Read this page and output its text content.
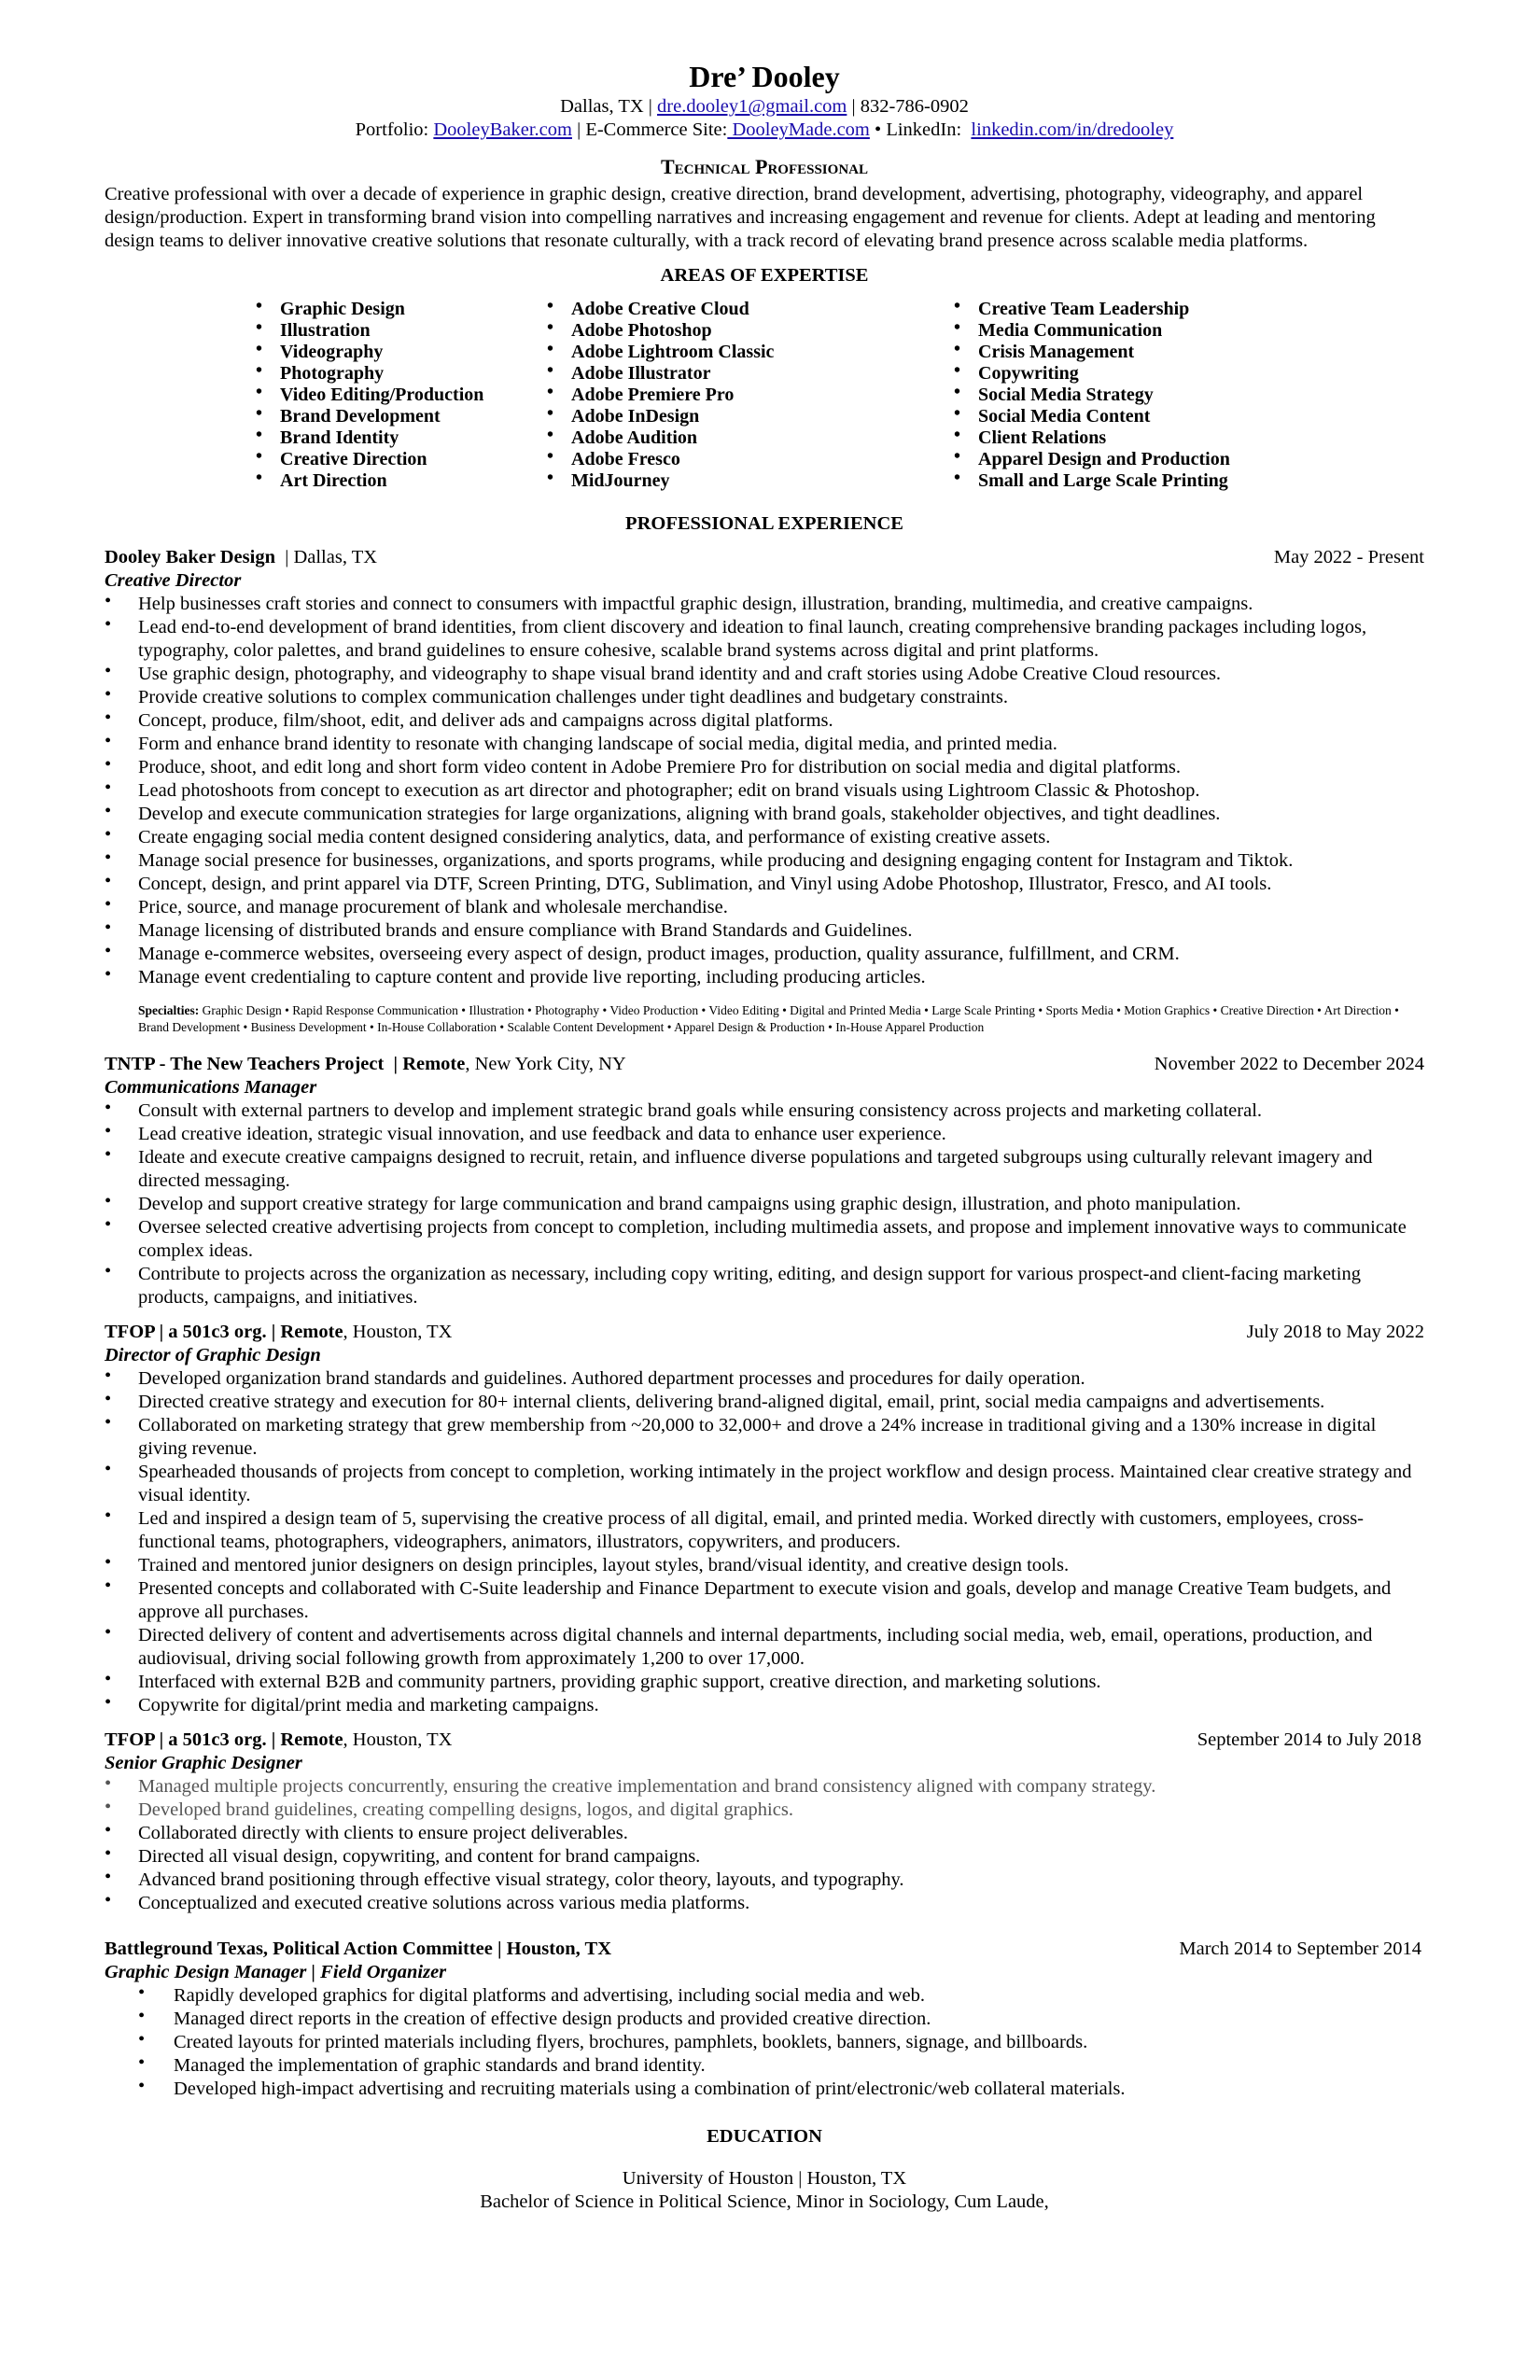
Dre’ Dooley

Dallas, TX | dre.dooley1@gmail.com | 832-786-0902

Portfolio: DooleyBaker.com | E-Commerce Site: DooleyMade.com • LinkedIn: linkedin.com/in/dredooley

Technical Professional

Creative professional with over a decade of experience in graphic design, creative direction, brand development, advertising, photography, videography, and apparel design/production. Expert in transforming brand vision into compelling narratives and increasing engagement and revenue for clients. Adept at leading and mentoring design teams to deliver innovative creative solutions that resonate culturally, with a track record of elevating brand presence across scalable media platforms.

AREAS OF EXPERTISE

• Graphic Design
• Illustration
• Videography
• Photography
• Video Editing/Production
• Brand Development
• Brand Identity
• Creative Direction
• Art Direction
• Adobe Creative Cloud
• Adobe Photoshop
• Adobe Lightroom Classic
• Adobe Illustrator
• Adobe Premiere Pro
• Adobe InDesign
• Adobe Audition
• Adobe Fresco
• MidJourney
• Creative Team Leadership
• Media Communication
• Crisis Management
• Copywriting
• Social Media Strategy
• Social Media Content
• Client Relations
• Apparel Design and Production
• Small and Large Scale Printing

PROFESSIONAL EXPERIENCE

Dooley Baker Design  | Dallas, TX	May 2022 - Present

Creative Director

• Help businesses craft stories and connect to consumers with impactful graphic design, illustration, branding, multimedia, and creative campaigns.
• Lead end-to-end development of brand identities, from client discovery and ideation to final launch, creating comprehensive branding packages including logos, typography, color palettes, and brand guidelines to ensure cohesive, scalable brand systems across digital and print platforms.
• Use graphic design, photography, and videography to shape visual brand identity and and craft stories using Adobe Creative Cloud resources.
• Provide creative solutions to complex communication challenges under tight deadlines and budgetary constraints.
• Concept, produce, film/shoot, edit, and deliver ads and campaigns across digital platforms.
• Form and enhance brand identity to resonate with changing landscape of social media, digital media, and printed media.
• Produce, shoot, and edit long and short form video content in Adobe Premiere Pro for distribution on social media and digital platforms.
• Lead photoshoots from concept to execution as art director and photographer; edit on brand visuals using Lightroom Classic & Photoshop.
• Develop and execute communication strategies for large organizations, aligning with brand goals, stakeholder objectives, and tight deadlines.
• Create engaging social media content designed considering analytics, data, and performance of existing creative assets.
• Manage social presence for businesses, organizations, and sports programs, while producing and designing engaging content for Instagram and Tiktok.
• Concept, design, and print apparel via DTF, Screen Printing, DTG, Sublimation, and Vinyl using Adobe Photoshop, Illustrator, Fresco, and AI tools.
• Price, source, and manage procurement of blank and wholesale merchandise.
• Manage licensing of distributed brands and ensure compliance with Brand Standards and Guidelines.
• Manage e-commerce websites, overseeing every aspect of design, product images, production, quality assurance, fulfillment, and CRM.
• Manage event credentialing to capture content and provide live reporting, including producing articles.

Specialties: Graphic Design • Rapid Response Communication • Illustration • Photography • Video Production • Video Editing • Digital and Printed Media • Large Scale Printing • Sports Media • Motion Graphics • Creative Direction • Art Direction • Brand Development • Business Development • In-House Collaboration • Scalable Content Development • Apparel Design & Production • In-House Apparel Production

TNTP - The New Teachers Project  | Remote, New York City, NY	November 2022 to December 2024

Communications Manager

• Consult with external partners to develop and implement strategic brand goals while ensuring consistency across projects and marketing collateral.
• Lead creative ideation, strategic visual innovation, and use feedback and data to enhance user experience.
• Ideate and execute creative campaigns designed to recruit, retain, and influence diverse populations and targeted subgroups using culturally relevant imagery and directed messaging.
• Develop and support creative strategy for large communication and brand campaigns using graphic design, illustration, and photo manipulation.
• Oversee selected creative advertising projects from concept to completion, including multimedia assets, and propose and implement innovative ways to communicate complex ideas.
• Contribute to projects across the organization as necessary, including copy writing, editing, and design support for various prospect-and client-facing marketing products, campaigns, and initiatives.
TFOP | a 501c3 org. | Remote, Houston, TX	July 2018 to May 2022

Director of Graphic Design

• Developed organization brand standards and guidelines. Authored department processes and procedures for daily operation.
• Directed creative strategy and execution for 80+ internal clients, delivering brand-aligned digital, email, print, social media campaigns and advertisements.
• Collaborated on marketing strategy that grew membership from ~20,000 to 32,000+ and drove a 24% increase in traditional giving and a 130% increase in digital giving revenue.
• Spearheaded thousands of projects from concept to completion, working intimately in the project workflow and design process. Maintained clear creative strategy and visual identity.
• Led and inspired a design team of 5, supervising the creative process of all digital, email, and printed media. Worked directly with customers, employees, cross-functional teams, photographers, videographers, animators, illustrators, copywriters, and producers.
• Trained and mentored junior designers on design principles, layout styles, brand/visual identity, and creative design tools.
• Presented concepts and collaborated with C-Suite leadership and Finance Department to execute vision and goals, develop and manage Creative Team budgets, and approve all purchases.
• Directed delivery of content and advertisements across digital channels and internal departments, including social media, web, email, operations, production, and audiovisual, driving social following growth from approximately 1,200 to over 17,000.
• Interfaced with external B2B and community partners, providing graphic support, creative direction, and marketing solutions.
• Copywrite for digital/print media and marketing campaigns.
TFOP | a 501c3 org. | Remote, Houston, TX	September 2014 to July 2018

Senior Graphic Designer

• Managed multiple projects concurrently, ensuring the creative implementation and brand consistency aligned with company strategy.
• Developed brand guidelines, creating compelling designs, logos, and digital graphics.
• Collaborated directly with clients to ensure project deliverables.
• Directed all visual design, copywriting, and content for brand campaigns.
• Advanced brand positioning through effective visual strategy, color theory, layouts, and typography.
• Conceptualized and executed creative solutions across various media platforms.
Battleground Texas, Political Action Committee | Houston, TX	March 2014 to September 2014

Graphic Design Manager | Field Organizer

• Rapidly developed graphics for digital platforms and advertising, including social media and web.
• Managed direct reports in the creation of effective design products and provided creative direction.
• Created layouts for printed materials including flyers, brochures, pamphlets, booklets, banners, signage, and billboards.
• Managed the implementation of graphic standards and brand identity.
• Developed high-impact advertising and recruiting materials using a combination of print/electronic/web collateral materials.

EDUCATION

University of Houston | Houston, TX

Bachelor of Science in Political Science, Minor in Sociology, Cum Laude,
